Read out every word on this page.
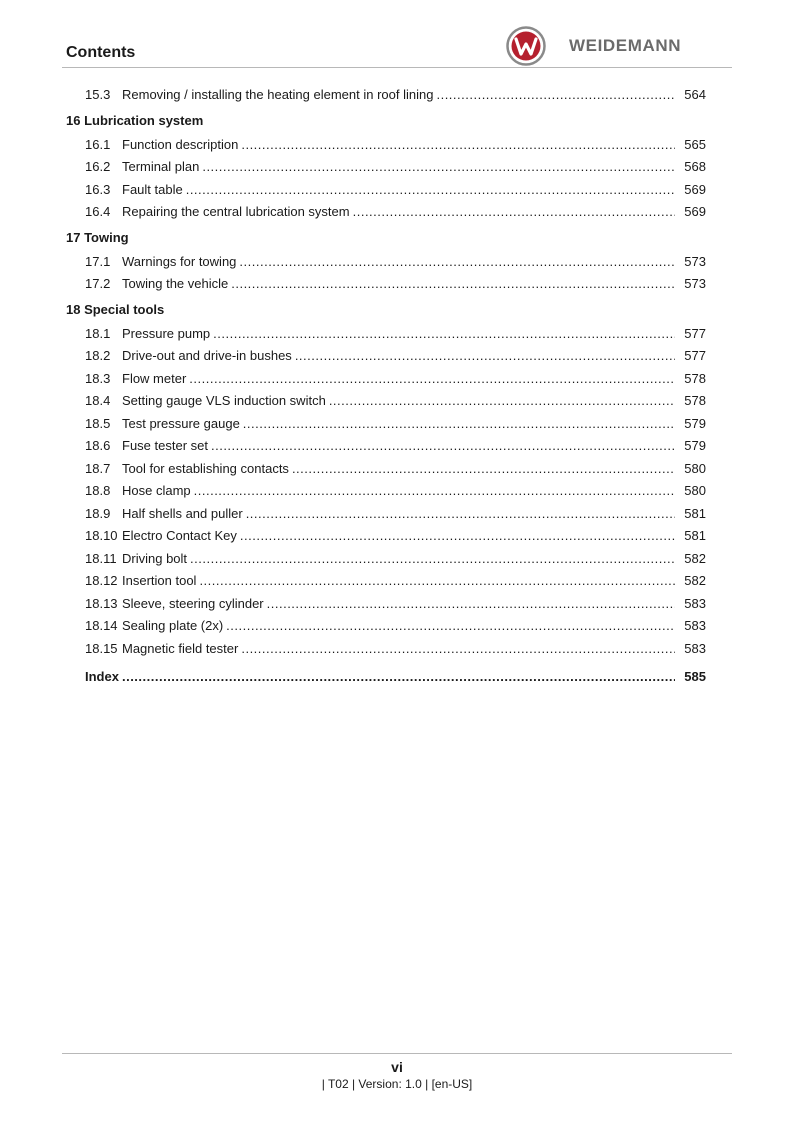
Contents	WEIDEMANN
15.3 Removing / installing the heating element in roof lining .....	564
16 Lubrication system
16.1 Function description .....	565
16.2 Terminal plan .....	568
16.3 Fault table .....	569
16.4 Repairing the central lubrication system .....	569
17 Towing
17.1 Warnings for towing .....	573
17.2 Towing the vehicle .....	573
18 Special tools
18.1 Pressure pump .....	577
18.2 Drive-out and drive-in bushes .....	577
18.3 Flow meter .....	578
18.4 Setting gauge VLS induction switch .....	578
18.5 Test pressure gauge .....	579
18.6 Fuse tester set .....	579
18.7 Tool for establishing contacts .....	580
18.8 Hose clamp .....	580
18.9 Half shells and puller .....	581
18.10 Electro Contact Key .....	581
18.11 Driving bolt .....	582
18.12 Insertion tool .....	582
18.13 Sleeve, steering cylinder .....	583
18.14 Sealing plate (2x) .....	583
18.15 Magnetic field tester .....	583
Index .....	585
vi
| T02 | Version: 1.0 | [en-US]
